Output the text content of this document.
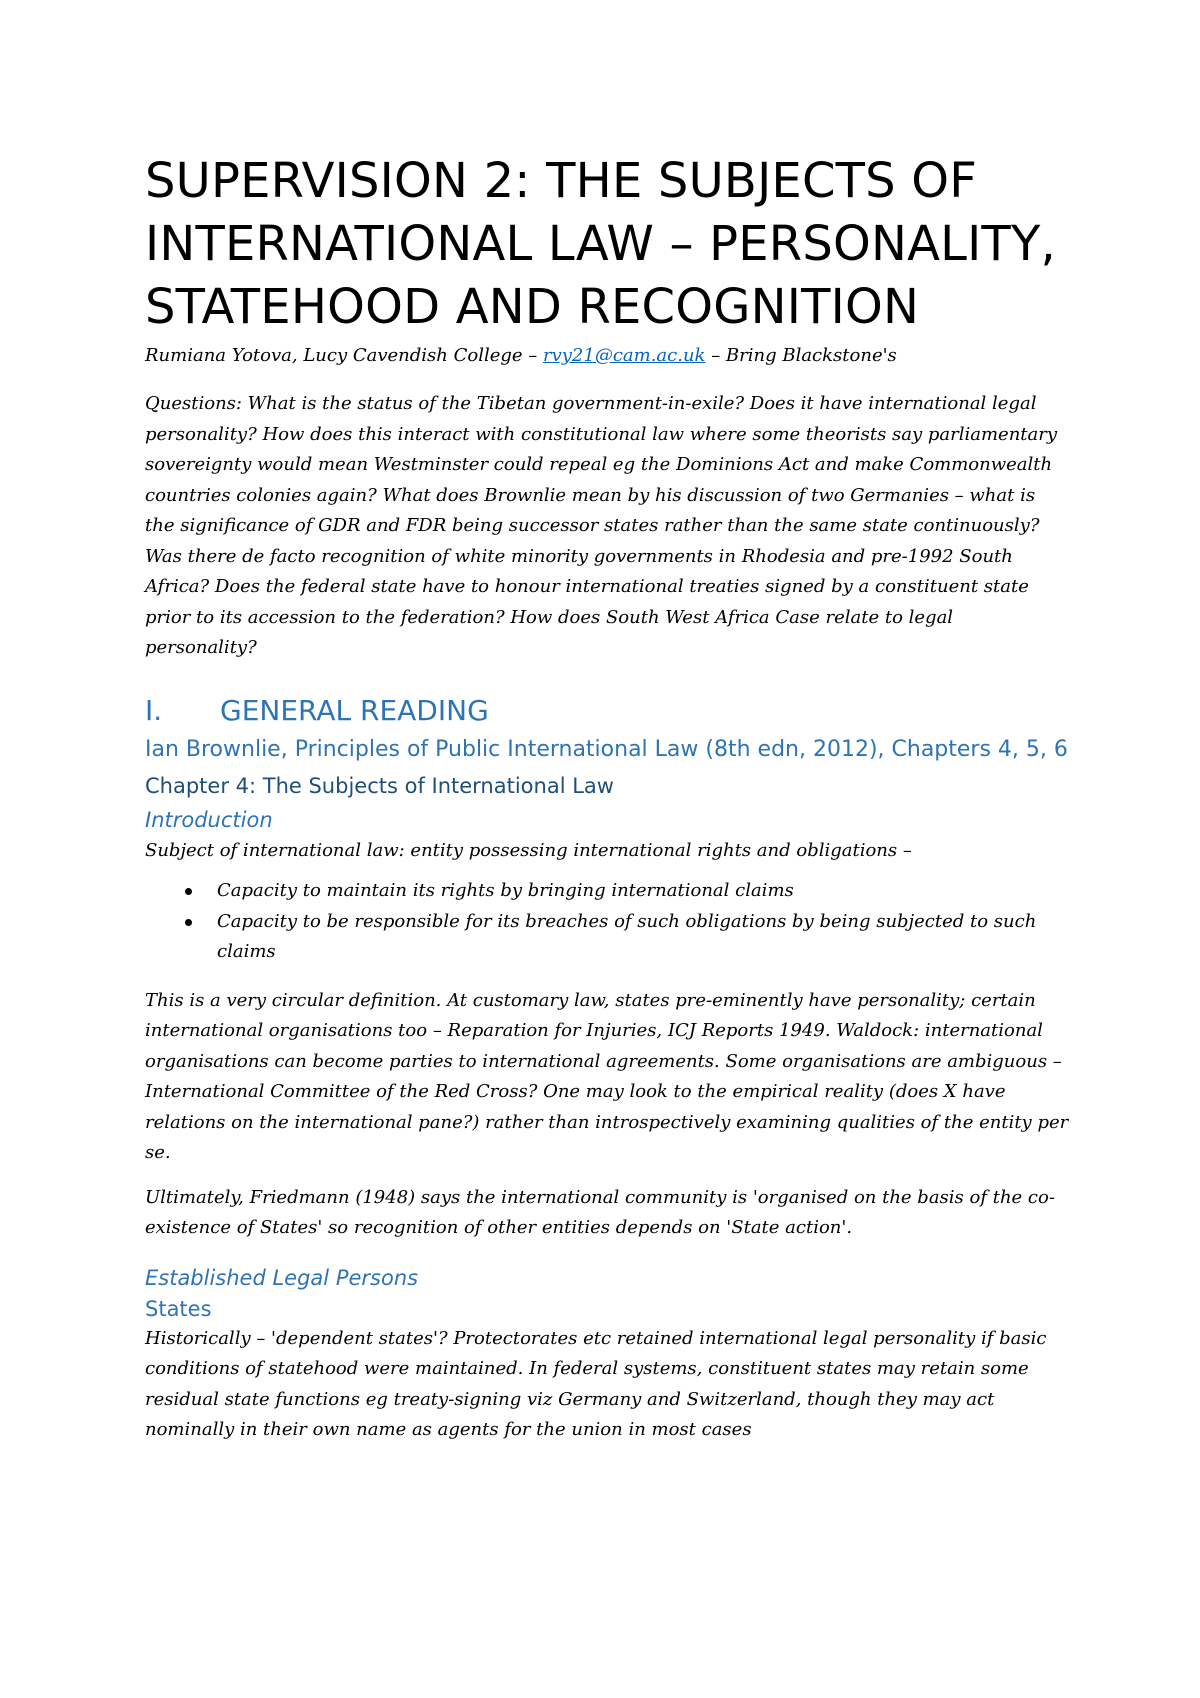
SUPERVISION 2: THE SUBJECTS OF INTERNATIONAL LAW – PERSONALITY, STATEHOOD AND RECOGNITION

Rumiana Yotova, Lucy Cavendish College – rvy21@cam.ac.uk – Bring Blackstone's

Questions: What is the status of the Tibetan government-in-exile? Does it have international legal personality? How does this interact with constitutional law where some theorists say parliamentary sovereignty would mean Westminster could repeal eg the Dominions Act and make Commonwealth countries colonies again? What does Brownlie mean by his discussion of two Germanies – what is the significance of GDR and FDR being successor states rather than the same state continuously? Was there de facto recognition of white minority governments in Rhodesia and pre-1992 South Africa? Does the federal state have to honour international treaties signed by a constituent state prior to its accession to the federation? How does South West Africa Case relate to legal personality?

I. GENERAL READING
Ian Brownlie, Principles of Public International Law (8th edn, 2012), Chapters 4, 5, 6
Chapter 4: The Subjects of International Law
Introduction

Subject of international law: entity possessing international rights and obligations –

Capacity to maintain its rights by bringing international claims
Capacity to be responsible for its breaches of such obligations by being subjected to such claims

This is a very circular definition. At customary law, states pre-eminently have personality; certain international organisations too – Reparation for Injuries, ICJ Reports 1949. Waldock: international organisations can become parties to international agreements. Some organisations are ambiguous – International Committee of the Red Cross? One may look to the empirical reality (does X have relations on the international pane?) rather than introspectively examining qualities of the entity per se.

Ultimately, Friedmann (1948) says the international community is 'organised on the basis of the co-existence of States' so recognition of other entities depends on 'State action'.

Established Legal Persons
States

Historically – 'dependent states'? Protectorates etc retained international legal personality if basic conditions of statehood were maintained. In federal systems, constituent states may retain some residual state functions eg treaty-signing viz Germany and Switzerland, though they may act nominally in their own name as agents for the union in most cases
